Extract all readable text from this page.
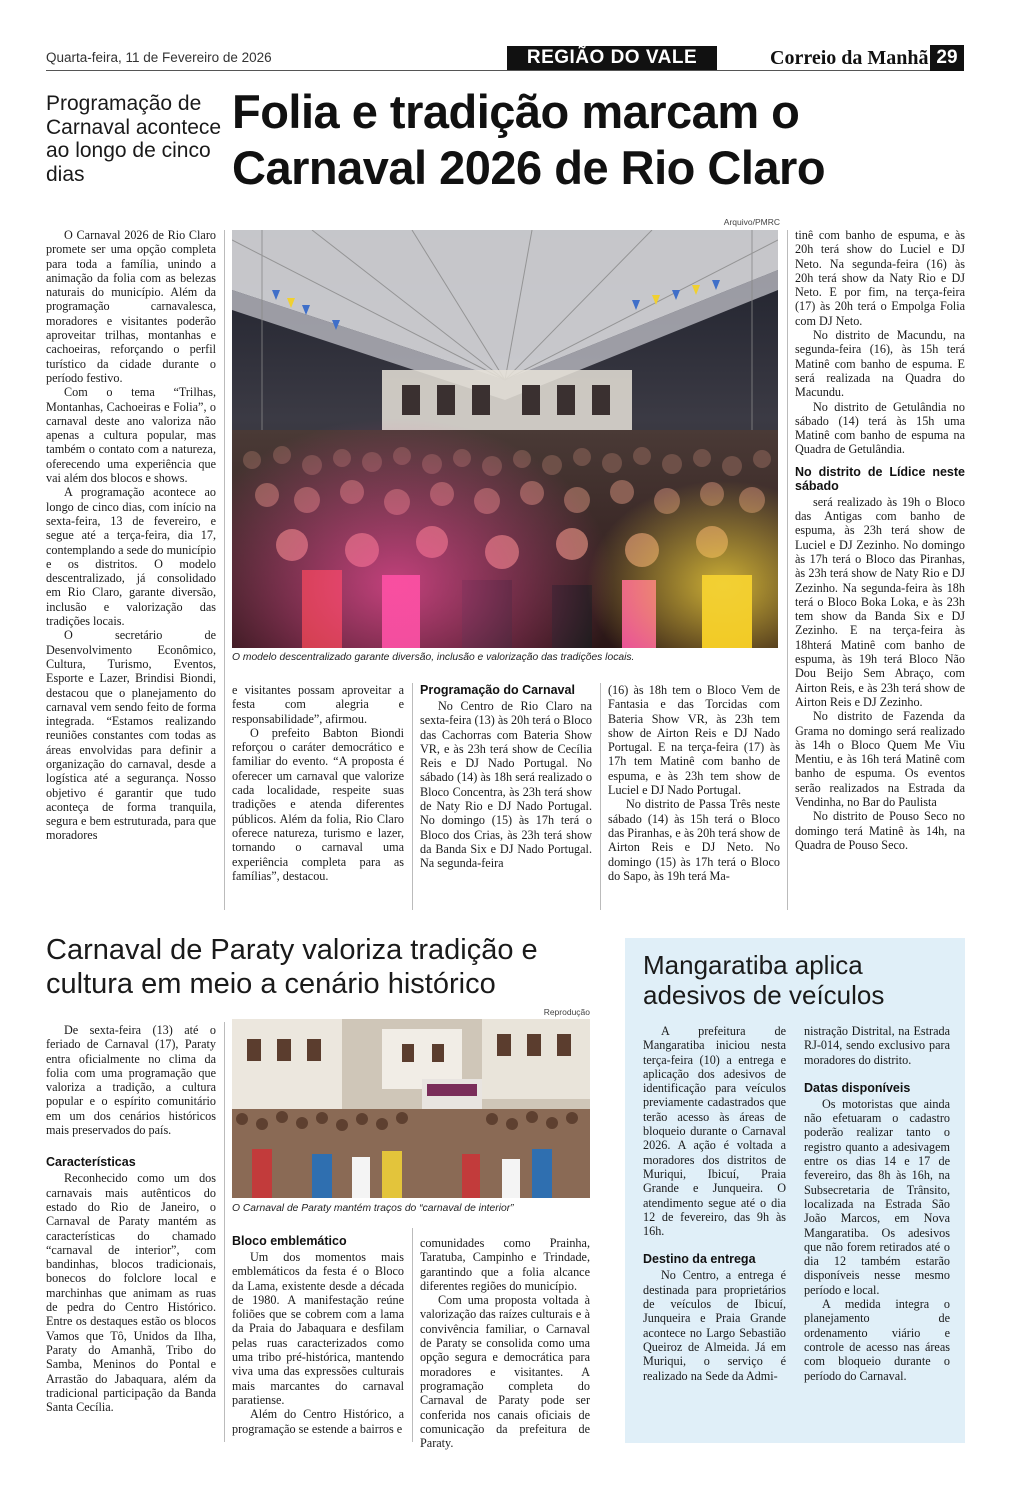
Quarta-feira, 11 de Fevereiro de 2026	REGIÃO DO VALE	Correio da Manhã 29
Programação de Carnaval acontece ao longo de cinco dias
Folia e tradição marcam o Carnaval 2026 de Rio Claro
Arquivo/PMRC
O modelo descentralizado garante diversão, inclusão e valorização das tradições locais.

O Carnaval 2026 de Rio Claro promete ser uma opção completa para toda a família, unindo a animação da folia com as belezas naturais do município. Além da programação carnavalesca, moradores e visitantes poderão aproveitar trilhas, montanhas e cachoeiras, reforçando o perfil turístico da cidade durante o período festivo.

Com o tema “Trilhas, Montanhas, Cachoeiras e Folia”, o carnaval deste ano valoriza não apenas a cultura popular, mas também o contato com a natureza, oferecendo uma experiência que vai além dos blocos e shows.

A programação acontece ao longo de cinco dias, com início na sexta-feira, 13 de fevereiro, e segue até a terça-feira, dia 17, contemplando a sede do município e os distritos. O modelo descentralizado, já consolidado em Rio Claro, garante diversão, inclusão e valorização das tradições locais.

O secretário de Desenvolvimento Econômico, Cultura, Turismo, Eventos, Esporte e Lazer, Brindisi Biondi, destacou que o planejamento do carnaval vem sendo feito de forma integrada. “Estamos realizando reuniões constantes com todas as áreas envolvidas para definir a organização do carnaval, desde a logística até a segurança. Nosso objetivo é garantir que tudo aconteça de forma tranquila, segura e bem estruturada, para que moradores

e visitantes possam aproveitar a festa com alegria e responsabilidade”, afirmou.

O prefeito Babton Biondi reforçou o caráter democrático e familiar do evento. “A proposta é oferecer um carnaval que valorize cada localidade, respeite suas tradições e atenda diferentes públicos. Além da folia, Rio Claro oferece natureza, turismo e lazer, tornando o carnaval uma experiência completa para as famílias”, destacou.

Programação do Carnaval

No Centro de Rio Claro na sexta-feira (13) às 20h terá o Bloco das Cachorras com Bateria Show VR, e às 23h terá show de Cecília Reis e DJ Nado Portugal. No sábado (14) às 18h será realizado o Bloco Concentra, às 23h terá show de Naty Rio e DJ Nado Portugal. No domingo (15) às 17h terá o Bloco dos Crias, às 23h terá show da Banda Six e DJ Nado Portugal. Na segunda-feira

(16) às 18h tem o Bloco Vem de Fantasia e das Torcidas com Bateria Show VR, às 23h tem show de Airton Reis e DJ Nado Portugal. E na terça-feira (17) às 17h tem Matinê com banho de espuma, e às 23h tem show de Luciel e DJ Nado Portugal.

No distrito de Passa Três neste sábado (14) às 15h terá o Bloco das Piranhas, e às 20h terá show de Airton Reis e DJ Neto. No domingo (15) às 17h terá o Bloco do Sapo, às 19h terá Ma-

tinê com banho de espuma, e às 20h terá show do Luciel e DJ Neto. Na segunda-feira (16) às 20h terá show da Naty Rio e DJ Neto. E por fim, na terça-feira (17) às 20h terá o Empolga Folia com DJ Neto.

No distrito de Macundu, na segunda-feira (16), às 15h terá Matinê com banho de espuma. E será realizada na Quadra do Macundu.

No distrito de Getulândia no sábado (14) terá às 15h uma Matinê com banho de espuma na Quadra de Getulândia.

No distrito de Lídice neste sábado

será realizado às 19h o Bloco das Antigas com banho de espuma, às 23h terá show de Luciel e DJ Zezinho. No domingo às 17h terá o Bloco das Piranhas, às 23h terá show de Naty Rio e DJ Zezinho. Na segunda-feira às 18h terá o Bloco Boka Loka, e às 23h tem show da Banda Six e DJ Zezinho. E na terça-feira às 18hterá Matinê com banho de espuma, às 19h terá Bloco Não Dou Beijo Sem Abraço, com Airton Reis, e às 23h terá show de Airton Reis e DJ Zezinho.

No distrito de Fazenda da Grama no domingo será realizado às 14h o Bloco Quem Me Viu Mentiu, e às 16h terá Matinê com banho de espuma. Os eventos serão realizados na Estrada da Vendinha, no Bar do Paulista

No distrito de Pouso Seco no domingo terá Matinê às 14h, na Quadra de Pouso Seco.

Carnaval de Paraty valoriza tradição e cultura em meio a cenário histórico
Reprodução
O Carnaval de Paraty mantém traços do “carnaval de interior”

De sexta-feira (13) até o feriado de Carnaval (17), Paraty entra oficialmente no clima da folia com uma programação que valoriza a tradição, a cultura popular e o espírito comunitário em um dos cenários históricos mais preservados do país.

Características

Reconhecido como um dos carnavais mais autênticos do estado do Rio de Janeiro, o Carnaval de Paraty mantém as características do chamado “carnaval de interior”, com bandinhas, blocos tradicionais, bonecos do folclore local e marchinhas que animam as ruas de pedra do Centro Histórico. Entre os destaques estão os blocos Vamos que Tô, Unidos da Ilha, Paraty do Amanhã, Tribo do Samba, Meninos do Pontal e Arrastão do Jabaquara, além da tradicional participação da Banda Santa Cecília.

Bloco emblemático

Um dos momentos mais emblemáticos da festa é o Bloco da Lama, existente desde a década de 1980. A manifestação reúne foliões que se cobrem com a lama da Praia do Jabaquara e desfilam pelas ruas caracterizados como uma tribo pré-histórica, mantendo viva uma das expressões culturais mais marcantes do carnaval paratiense.

Além do Centro Histórico, a programação se estende a bairros e

comunidades como Prainha, Taratuba, Campinho e Trindade, garantindo que a folia alcance diferentes regiões do município.

Com uma proposta voltada à valorização das raízes culturais e à convivência familiar, o Carnaval de Paraty se consolida como uma opção segura e democrática para moradores e visitantes. A programação completa do Carnaval de Paraty pode ser conferida nos canais oficiais de comunicação da prefeitura de Paraty.

Mangaratiba aplica adesivos de veículos

A prefeitura de Mangaratiba iniciou nesta terça-feira (10) a entrega e aplicação dos adesivos de identificação para veículos previamente cadastrados que terão acesso às áreas de bloqueio durante o Carnaval 2026. A ação é voltada a moradores dos distritos de Muriqui, Ibicuí, Praia Grande e Junqueira. O atendimento segue até o dia 12 de fevereiro, das 9h às 16h.

Destino da entrega

No Centro, a entrega é destinada para proprietários de veículos de Ibicuí, Junqueira e Praia Grande acontece no Largo Sebastião Queiroz de Almeida. Já em Muriqui, o serviço é realizado na Sede da Admi-

nistração Distrital, na Estrada RJ-014, sendo exclusivo para moradores do distrito.

Datas disponíveis

Os motoristas que ainda não efetuaram o cadastro poderão realizar tanto o registro quanto a adesivagem entre os dias 14 e 17 de fevereiro, das 8h às 16h, na Subsecretaria de Trânsito, localizada na Estrada São João Marcos, em Nova Mangaratiba. Os adesivos que não forem retirados até o dia 12 também estarão disponíveis nesse mesmo período e local.

A medida integra o planejamento de ordenamento viário e controle de acesso nas áreas com bloqueio durante o período do Carnaval.
